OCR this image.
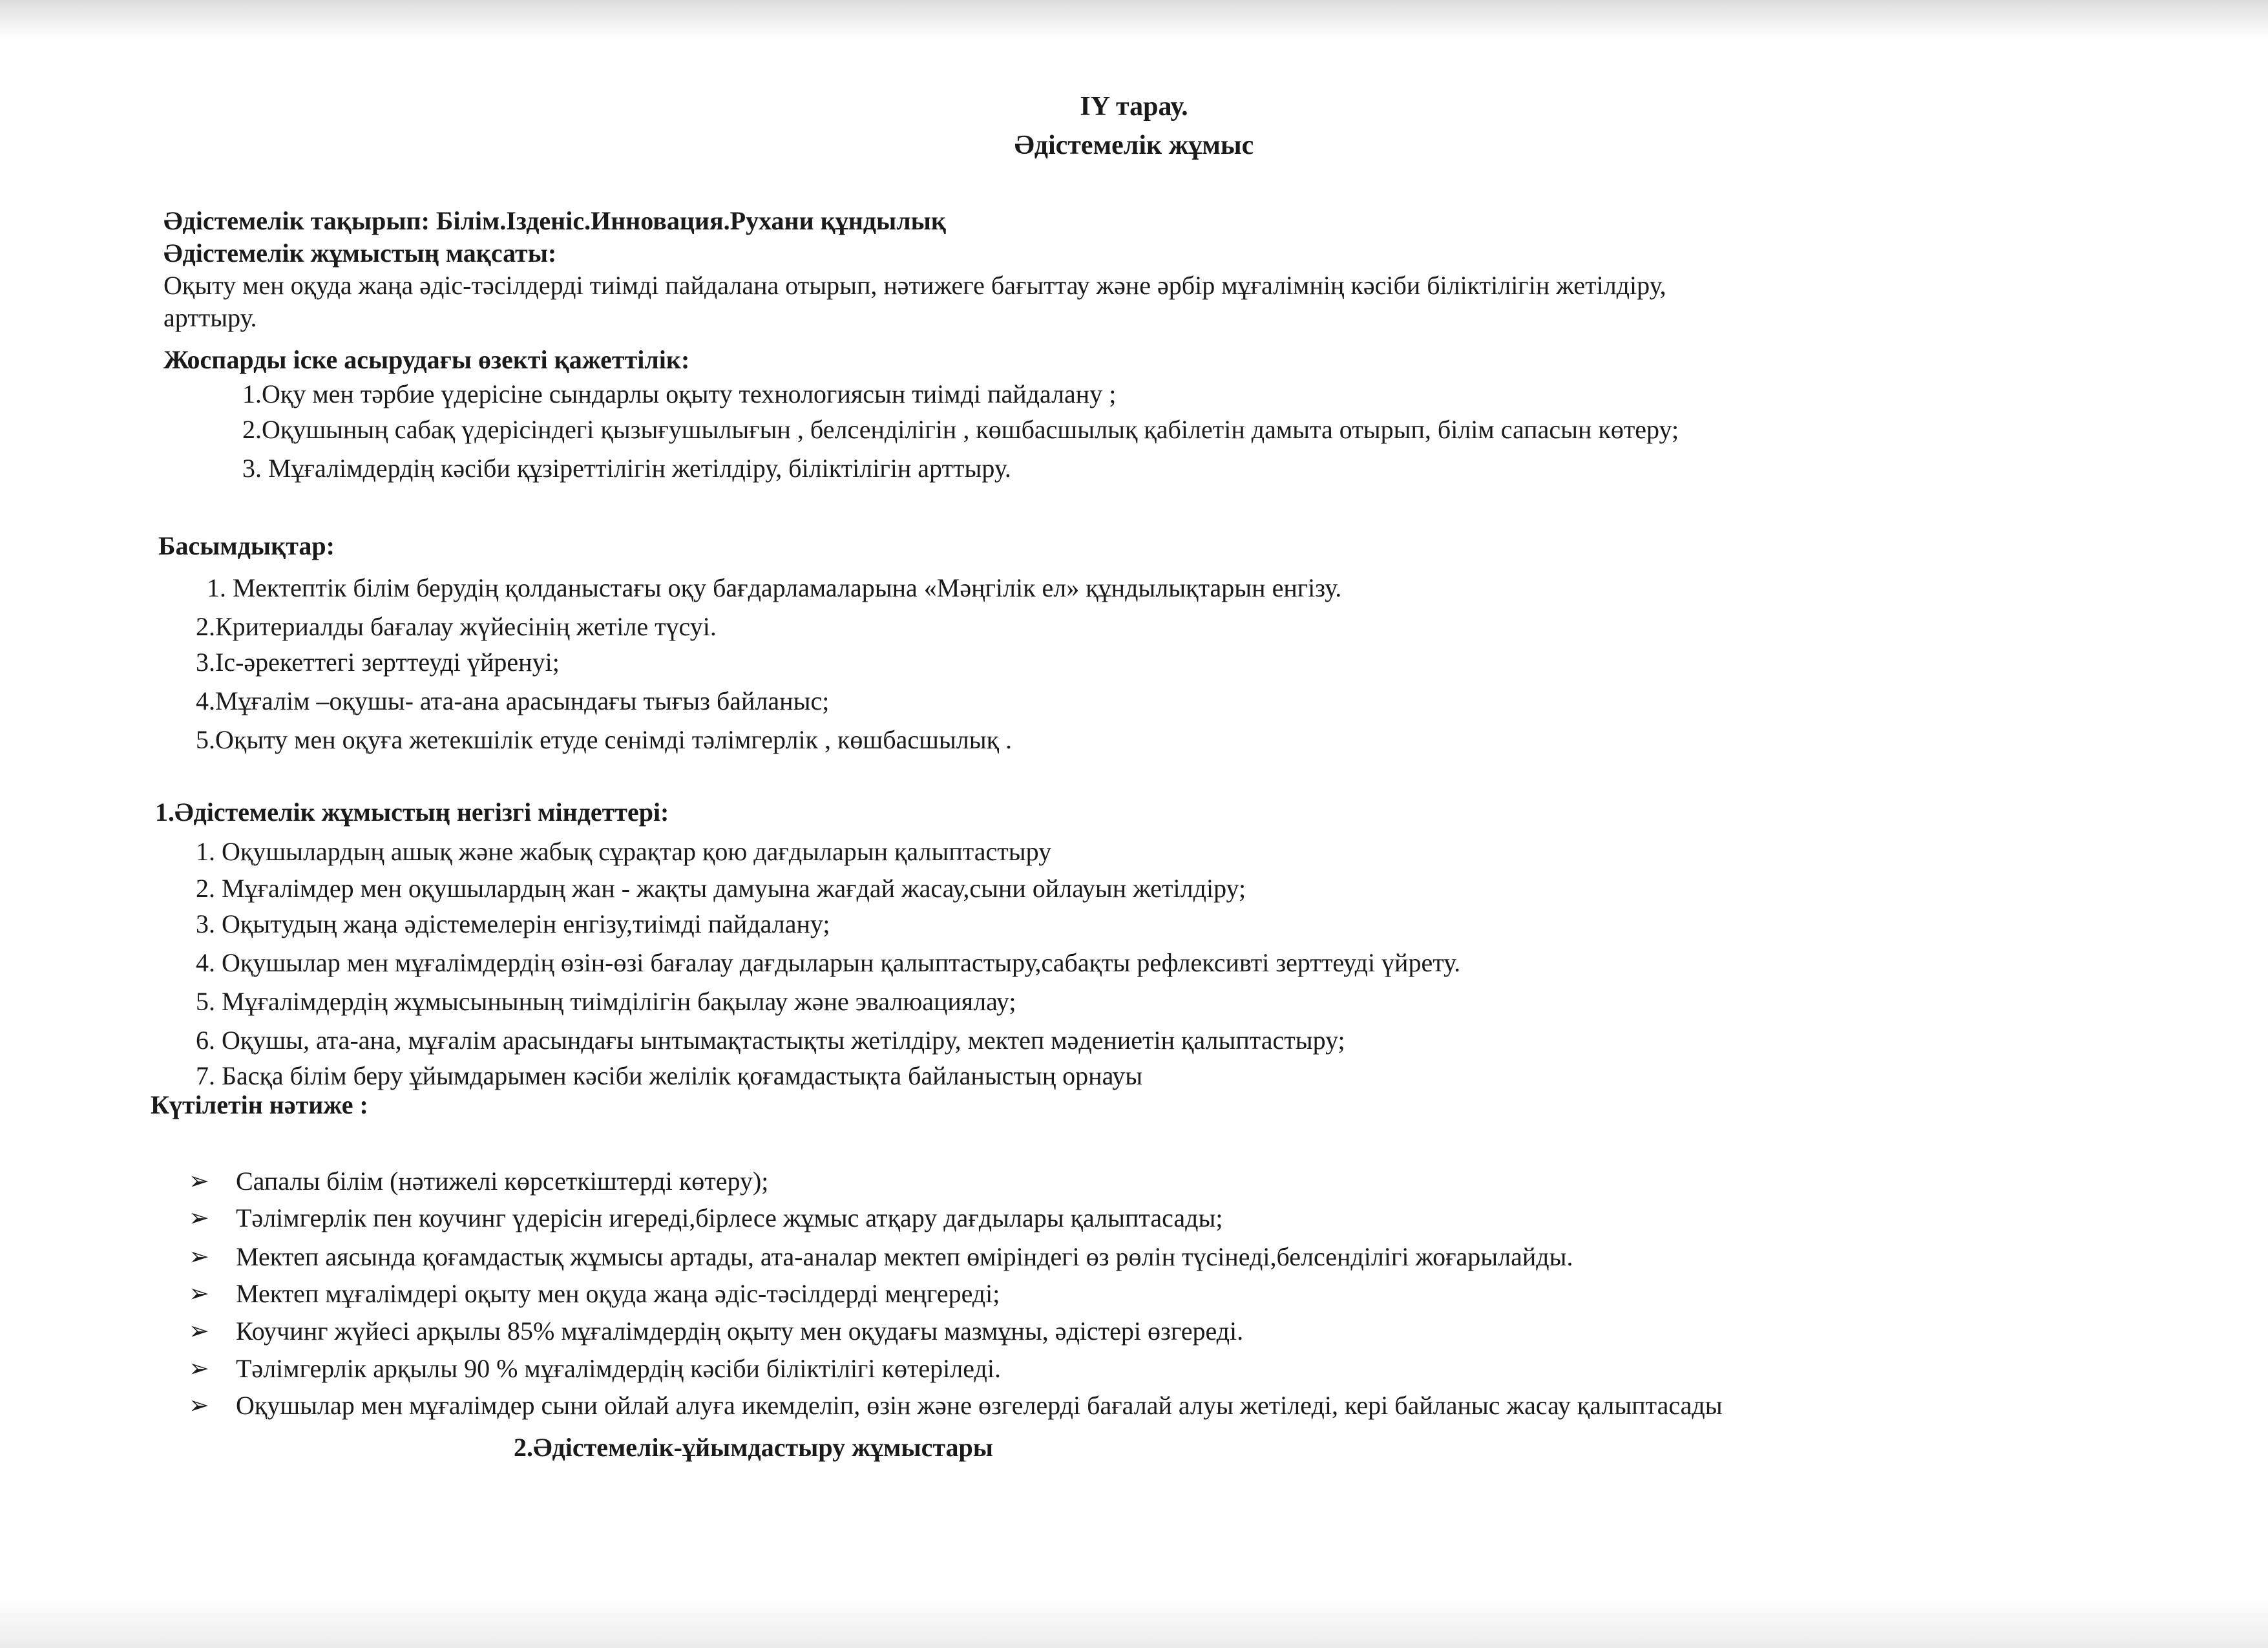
IY тарау.
Әдістемелік жұмыс
Әдістемелік тақырып: Білім.Ізденіс.Инновация.Рухани құндылық
Әдістемелік жұмыстың мақсаты:
Оқыту мен оқуда жаңа әдіс-тәсілдерді тиімді пайдалана отырып, нәтижеге бағыттау және әрбір мұғалімнің кәсіби біліктілігін жетілдіру,
арттыру.
Жоспарды іске асырудағы өзекті қажеттілік:
1.Оқу мен тәрбие үдерісіне сындарлы оқыту технологиясын тиімді пайдалану ;
2.Оқушының сабақ үдерісіндегі қызығушылығын , белсенділігін , көшбасшылық қабілетін дамыта отырып, білім сапасын көтеру;
3. Мұғалімдердің кәсіби құзіреттілігін жетілдіру, біліктілігін арттыру.
Басымдықтар:
1. Мектептік білім берудің қолданыстағы оқу бағдарламаларына «Мәңгілік ел» құндылықтарын енгізу.
2.Критериалды бағалау жүйесінің жетіле түсуі.
3.Іс-әрекеттегі зерттеуді үйренуі;
4.Мұғалім –оқушы- ата-ана арасындағы тығыз байланыс;
5.Оқыту мен оқуға жетекшілік етуде сенімді тәлімгерлік , көшбасшылық .
1.Әдістемелік жұмыстың негізгі міндеттері:
1. Оқушылардың ашық және жабық сұрақтар қою дағдыларын қалыптастыру
2. Мұғалімдер мен оқушылардың жан - жақты дамуына жағдай жасау,сыни ойлауын жетілдіру;
3. Оқытудың жаңа әдістемелерін енгізу,тиімді пайдалану;
4. Оқушылар мен мұғалімдердің өзін-өзі бағалау дағдыларын қалыптастыру,сабақты рефлексивті зерттеуді үйрету.
5. Мұғалімдердің жұмысынының тиімділігін бақылау және эвалюациялау;
6. Оқушы, ата-ана, мұғалім арасындағы ынтымақтастықты жетілдіру, мектеп мәдениетін қалыптастыру;
7. Басқа білім беру ұйымдарымен кәсіби желілік қоғамдастықта байланыстың орнауы
Күтілетін нәтиже :
➢ Сапалы білім (нәтижелі көрсеткіштерді көтеру);
➢ Тәлімгерлік пен коучинг үдерісін игереді,бірлесе жұмыс атқару дағдылары қалыптасады;
➢ Мектеп аясында қоғамдастық жұмысы артады, ата-аналар мектеп өміріндегі өз рөлін түсінеді,белсенділігі жоғарылайды.
➢ Мектеп мұғалімдері оқыту мен оқуда жаңа әдіс-тәсілдерді меңгереді;
➢ Коучинг жүйесі арқылы 85% мұғалімдердің оқыту мен оқудағы мазмұны, әдістері өзгереді.
➢ Тәлімгерлік арқылы 90 % мұғалімдердің кәсіби біліктілігі көтеріледі.
➢ Оқушылар мен мұғалімдер сыни ойлай алуға икемделіп, өзін және өзгелерді бағалай алуы жетіледі, кері байланыс жасау қалыптасады
2.Әдістемелік-ұйымдастыру жұмыстары
